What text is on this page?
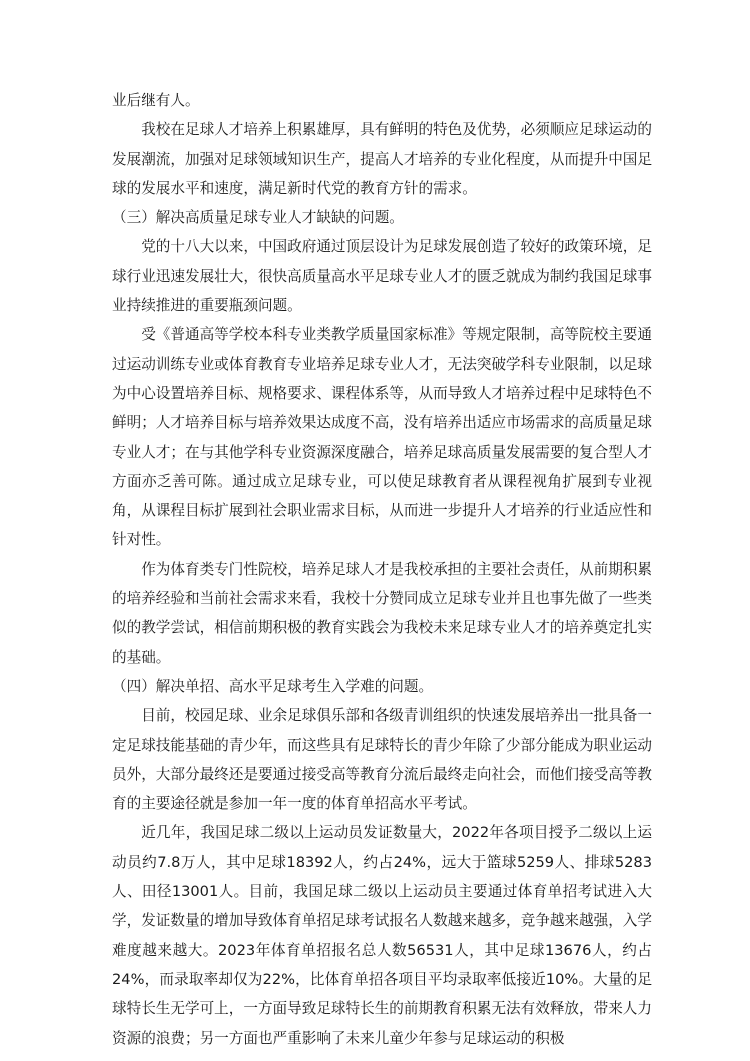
业后继有人。

我校在足球人才培养上积累雄厚，具有鲜明的特色及优势，必须顺应足球运动的发展潮流，加强对足球领域知识生产，提高人才培养的专业化程度，从而提升中国足球的发展水平和速度，满足新时代党的教育方针的需求。

（三）解决高质量足球专业人才缺缺的问题。

党的十八大以来，中国政府通过顶层设计为足球发展创造了较好的政策环境，足球行业迅速发展壮大，很快高质量高水平足球专业人才的匮乏就成为制约我国足球事业持续推进的重要瓶颈问题。

受《普通高等学校本科专业类教学质量国家标准》等规定限制，高等院校主要通过运动训练专业或体育教育专业培养足球专业人才，无法突破学科专业限制，以足球为中心设置培养目标、规格要求、课程体系等，从而导致人才培养过程中足球特色不鲜明；人才培养目标与培养效果达成度不高，没有培养出适应市场需求的高质量足球专业人才；在与其他学科专业资源深度融合，培养足球高质量发展需要的复合型人才方面亦乏善可陈。通过成立足球专业，可以使足球教育者从课程视角扩展到专业视角，从课程目标扩展到社会职业需求目标，从而进一步提升人才培养的行业适应性和针对性。

作为体育类专门性院校，培养足球人才是我校承担的主要社会责任，从前期积累的培养经验和当前社会需求来看，我校十分赞同成立足球专业并且也事先做了一些类似的教学尝试，相信前期积极的教育实践会为我校未来足球专业人才的培养奠定扎实的基础。

（四）解决单招、高水平足球考生入学难的问题。

目前，校园足球、业余足球俱乐部和各级青训组织的快速发展培养出一批具备一定足球技能基础的青少年，而这些具有足球特长的青少年除了少部分能成为职业运动员外，大部分最终还是要通过接受高等教育分流后最终走向社会，而他们接受高等教育的主要途径就是参加一年一度的体育单招高水平考试。

近几年，我国足球二级以上运动员发证数量大，2022年各项目授予二级以上运动员约7.8万人，其中足球18392人，约占24%，远大于篮球5259人、排球5283人、田径13001人。目前，我国足球二级以上运动员主要通过体育单招考试进入大学，发证数量的增加导致体育单招足球考试报名人数越来越多，竞争越来越强，入学难度越来越大。2023年体育单招报名总人数56531人，其中足球13676人，约占24%，而录取率却仅为22%，比体育单招各项目平均录取率低接近10%。大量的足球特长生无学可上，一方面导致足球特长生的前期教育积累无法有效释放，带来人力资源的浪费；另一方面也严重影响了未来儿童少年参与足球运动的积极
